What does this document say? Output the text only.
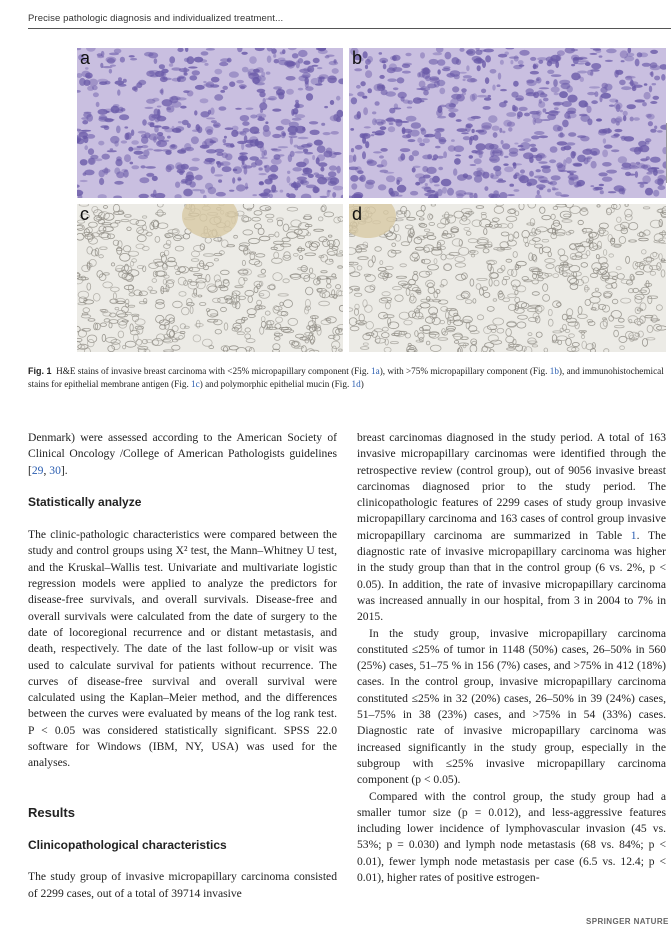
Precise pathologic diagnosis and individualized treatment...
a	b
c	d
Fig. 1 H&E stains of invasive breast carcinoma with <25% micropapillary component (Fig. 1a), with >75% micropapillary component (Fig. 1b), and immunohistochemical stains for epithelial membrane antigen (Fig. 1c) and polymorphic epithelial mucin (Fig. 1d)

Denmark) were assessed according to the American Society of Clinical Oncology /College of American Pathologists guidelines [29, 30].

Statistically analyze

The clinic-pathologic characteristics were compared between the study and control groups using X² test, the Mann–Whitney U test, and the Kruskal–Wallis test. Univariate and multivariate logistic regression models were applied to analyze the predictors for disease-free survivals, and overall survivals. Disease-free and overall survivals were calculated from the date of surgery to the date of locoregional recurrence and or distant metastasis, and death, respectively. The date of the last follow-up or visit was used to calculate survival for patients without recurrence. The curves of disease-free survival and overall survival were calculated using the Kaplan–Meier method, and the differences between the curves were evaluated by means of the log rank test. P < 0.05 was considered statistically significant. SPSS 22.0 software for Windows (IBM, NY, USA) was used for the analyses.

Results
Clinicopathological characteristics

The study group of invasive micropapillary carcinoma consisted of 2299 cases, out of a total of 39714 invasive

breast carcinomas diagnosed in the study period. A total of 163 invasive micropapillary carcinomas were identified through the retrospective review (control group), out of 9056 invasive breast carcinomas diagnosed prior to the study period. The clinicopathologic features of 2299 cases of study group invasive micropapillary carcinoma and 163 cases of control group invasive micropapillary carcinoma are summarized in Table 1. The diagnostic rate of invasive micropapillary carcinoma was higher in the study group than that in the control group (6 vs. 2%, p < 0.05). In addition, the rate of invasive micropapillary carcinoma was increased annually in our hospital, from 3 in 2004 to 7% in 2015.

In the study group, invasive micropapillary carcinoma constituted ≤25% of tumor in 1148 (50%) cases, 26–50% in 560 (25%) cases, 51–75 % in 156 (7%) cases, and >75% in 412 (18%) cases. In the control group, invasive micropapillary carcinoma constituted ≤25% in 32 (20%) cases, 26–50% in 39 (24%) cases, 51–75% in 38 (23%) cases, and >75% in 54 (33%) cases. Diagnostic rate of invasive micropapillary carcinoma was increased significantly in the study group, especially in the subgroup with ≤25% invasive micropapillary carcinoma component (p < 0.05).

Compared with the control group, the study group had a smaller tumor size (p = 0.012), and less-aggressive features including lower incidence of lymphovascular invasion (45 vs. 53%; p = 0.030) and lymph node metastasis (68 vs. 84%; p < 0.01), fewer lymph node metastasis per case (6.5 vs. 12.4; p < 0.01), higher rates of positive estrogen-

SPRINGER NATURE
